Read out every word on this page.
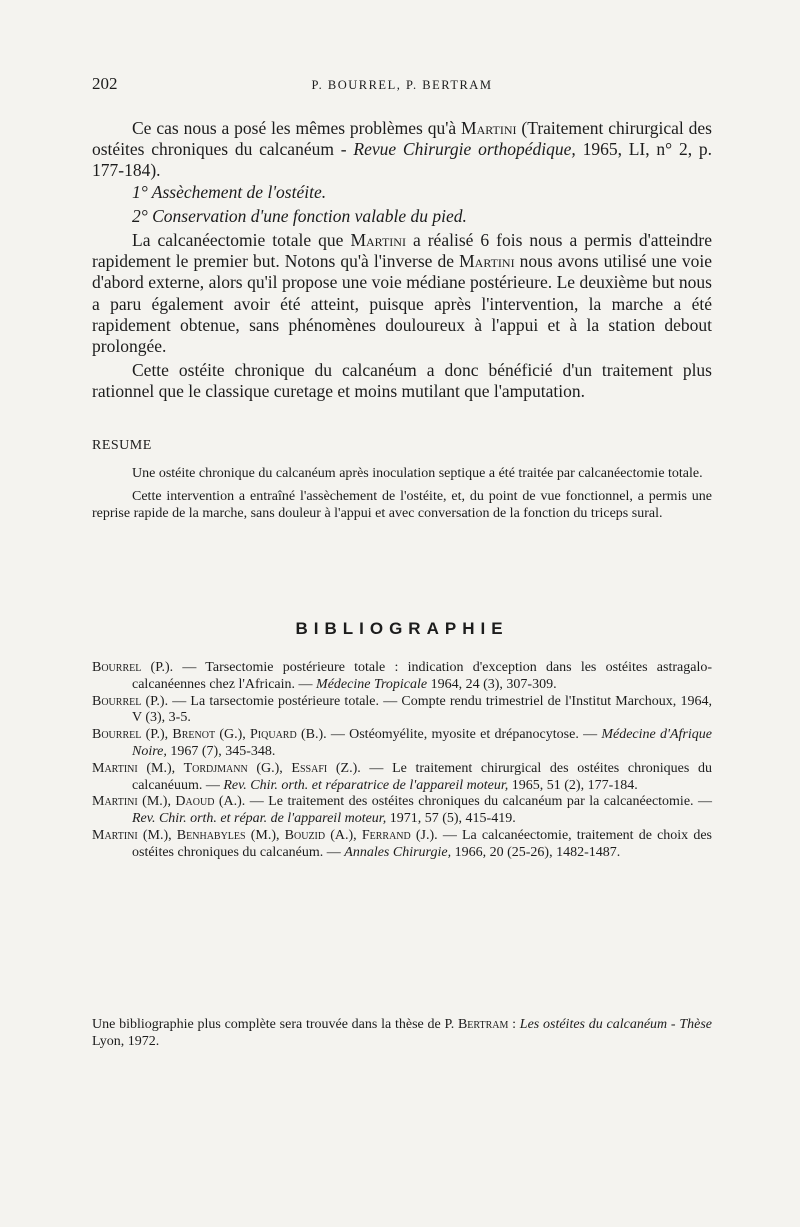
202	P. BOURREL, P. BERTRAM

Ce cas nous a posé les mêmes problèmes qu'à Martini (Traitement chirurgical des ostéites chroniques du calcanéum - Revue Chirurgie orthopédique, 1965, LI, n° 2, p. 177-184).

1° Assèchement de l'ostéite.

2° Conservation d'une fonction valable du pied.

La calcanéectomie totale que Martini a réalisé 6 fois nous a permis d'atteindre rapidement le premier but. Notons qu'à l'inverse de Martini nous avons utilisé une voie d'abord externe, alors qu'il propose une voie médiane postérieure. Le deuxième but nous a paru également avoir été atteint, puisque après l'intervention, la marche a été rapidement obtenue, sans phénomènes douloureux à l'appui et à la station debout prolongée.

Cette ostéite chronique du calcanéum a donc bénéficié d'un traitement plus rationnel que le classique curetage et moins mutilant que l'amputation.

RESUME

Une ostéite chronique du calcanéum après inoculation septique a été traitée par calcanéectomie totale.

Cette intervention a entraîné l'assèchement de l'ostéite, et, du point de vue fonctionnel, a permis une reprise rapide de la marche, sans douleur à l'appui et avec conversation de la fonction du triceps sural.

BIBLIOGRAPHIE

Bourrel (P.). — Tarsectomie postérieure totale : indication d'exception dans les ostéites astragalo-calcanéennes chez l'Africain. — Médecine Tropicale 1964, 24 (3), 307-309.

Bourrel (P.). — La tarsectomie postérieure totale. — Compte rendu trimestriel de l'Institut Marchoux, 1964, V (3), 3-5.

Bourrel (P.), Brenot (G.), Piquard (B.). — Ostéomyélite, myosite et drépanocytose. — Médecine d'Afrique Noire, 1967 (7), 345-348.

Martini (M.), Tordjmann (G.), Essafi (Z.). — Le traitement chirurgical des ostéites chroniques du calcanéuum. — Rev. Chir. orth. et réparatrice de l'appareil moteur, 1965, 51 (2), 177-184.

Martini (M.), Daoud (A.). — Le traitement des ostéites chroniques du calcanéum par la calcanéectomie. — Rev. Chir. orth. et répar. de l'appareil moteur, 1971, 57 (5), 415-419.

Martini (M.), Benhabyles (M.), Bouzid (A.), Ferrand (J.). — La calcanéectomie, traitement de choix des ostéites chroniques du calcanéum. — Annales Chirurgie, 1966, 20 (25-26), 1482-1487.

Une bibliographie plus complète sera trouvée dans la thèse de P. Bertram : Les ostéites du calcanéum - Thèse Lyon, 1972.
